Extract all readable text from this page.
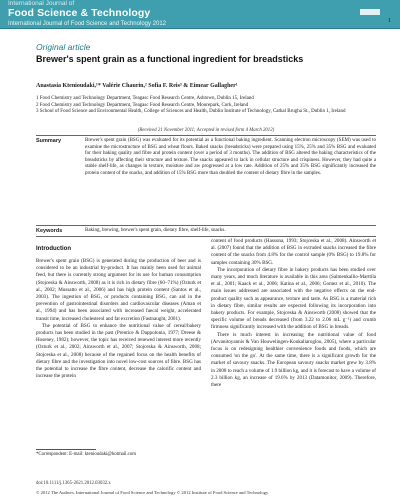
International Journal of
Food Science & Technology
International Journal of Food Science and Technology 2012	1
Original article
Brewer's spent grain as a functional ingredient for breadsticks
Anastasia Ktenioudaki,¹* Valérie Chaurin,² Sofia F. Reis³ & Eimear Gallagher¹
1 Food Chemistry and Technology Department, Teagasc Food Research Centre, Ashtown, Dublin 15, Ireland
2 Food Chemistry and Technology Department, Teagasc Food Research Centre, Moorepark, Cork, Ireland
3 School of Food Science and Environmental Health, College of Sciences and Health, Dublin Institute of Technology, Cathal Brugha St., Dublin 1, Ireland
(Received 21 November 2011; Accepted in revised form 4 March 2012)
Summary	Brewer's spent grain (BSG) was evaluated for its potential as a functional baking ingredient. Scanning electron microscopy (SEM) was used to examine the microstructure of BSG and wheat flours. Baked snacks (breadsticks) were prepared using 15%, 25% and 35% BSG and evaluated for their baking quality and fibre and protein content (over a period of 3 months). The addition of BSG altered the baking characteristics of the breadsticks by affecting their structure and texture. The snacks appeared to lack in cellular structure and crispiness. However, they had quite a stable shelf-life, as changes in texture, moisture and aw progressed at a low rate. Addition of 25% and 35% BSG significantly increased the protein content of the snacks, and addition of 15% BSG more than doubled the content of dietary fibre in the samples.
Keywords	Baking, brewing, brewer's spent grain, dietary fibre, shelf-life, snacks.
Introduction

Brewer's spent grain (BSG) is generated during the production of beer and is considered to be an industrial by-product. It has mainly been used for animal feed, but there is currently strong argument for its use for human consumption (Stojceska & Ainsworth, 2008) as it is rich in dietary fibre (60–71%) (Ozturk et al., 2002; Mussatto et al., 2006) and has high protein content (Santos et al., 2003). The ingestion of BSG, or products containing BSG, can aid in the prevention of gastrointestinal disorders and cardiovascular diseases (Aman et al., 1994) and has been associated with increased faecal weight, accelerated transit time, increased cholesterol and fat excretion (Fastnaught, 2001).

The potential of BSG to enhance the nutritional value of cereal/bakery products has been studied in the past (Prentice & Dappolonia, 1977; Dreese & Hoseney, 1982); however, the topic has received renewed interest more recently (Ozturk et al., 2002; Ainsworth et al., 2007; Stojceska & Ainsworth, 2008; Stojceska et al., 2008) because of the regained focus on the health benefits of dietary fibre and the investigation into novel low-cost sources of fibre. BSG has the potential to increase the fibre content, decrease the calorific content and increase the protein

content of food products (Hassona, 1993; Stojceska et al., 2008). Ainsworth et al. (2007) found that the addition of BSG in extruded snacks increased the fibre content of the snacks from 4.8% for the control sample (0% BSG) to 19.8% for samples containing 30% BSG.

The incorporation of dietary fibre in bakery products has been studied over many years, and much literature is available in this area (Salmenkallio-Marttila et al., 2001; Kaack et al., 2006; Katina et al., 2006; Gomez et al., 2010). The main issues addressed are associated with the negative effects on the end-product quality such as appearance, texture and taste. As BSG is a material rich in dietary fibre, similar results are expected following its incorporation into bakery products. For example, Stojceska & Ainsworth (2008) showed that the specific volume of breads decreased (from 3.22 to 2.06 mL g⁻¹) and crumb firmness significantly increased with the addition of BSG in breads.

There is much interest in increasing the nutritional value of food (Arvanitoyannis & Van Houwelingen-Koukaliaroglou, 2005), where a particular focus is on redesigning healthier convenience foods and foods, which are consumed 'on the go'. At the same time, there is a significant growth for the market of savoury snacks. The European savoury snacks market grew by 3.8% in 2008 to reach a volume of 1.9 billion kg, and it is forecast to have a volume of 2.3 billion kg, an increase of 19.6% by 2013 (Datamonitor, 2009). Therefore, there

*Correspondent: E-mail: ktenioudaki@hotmail.com
doi:10.1111/j.1365-2621.2012.03032.x
© 2012 The Authors. International Journal of Food Science and Technology © 2012 Institute of Food Science and Technology
